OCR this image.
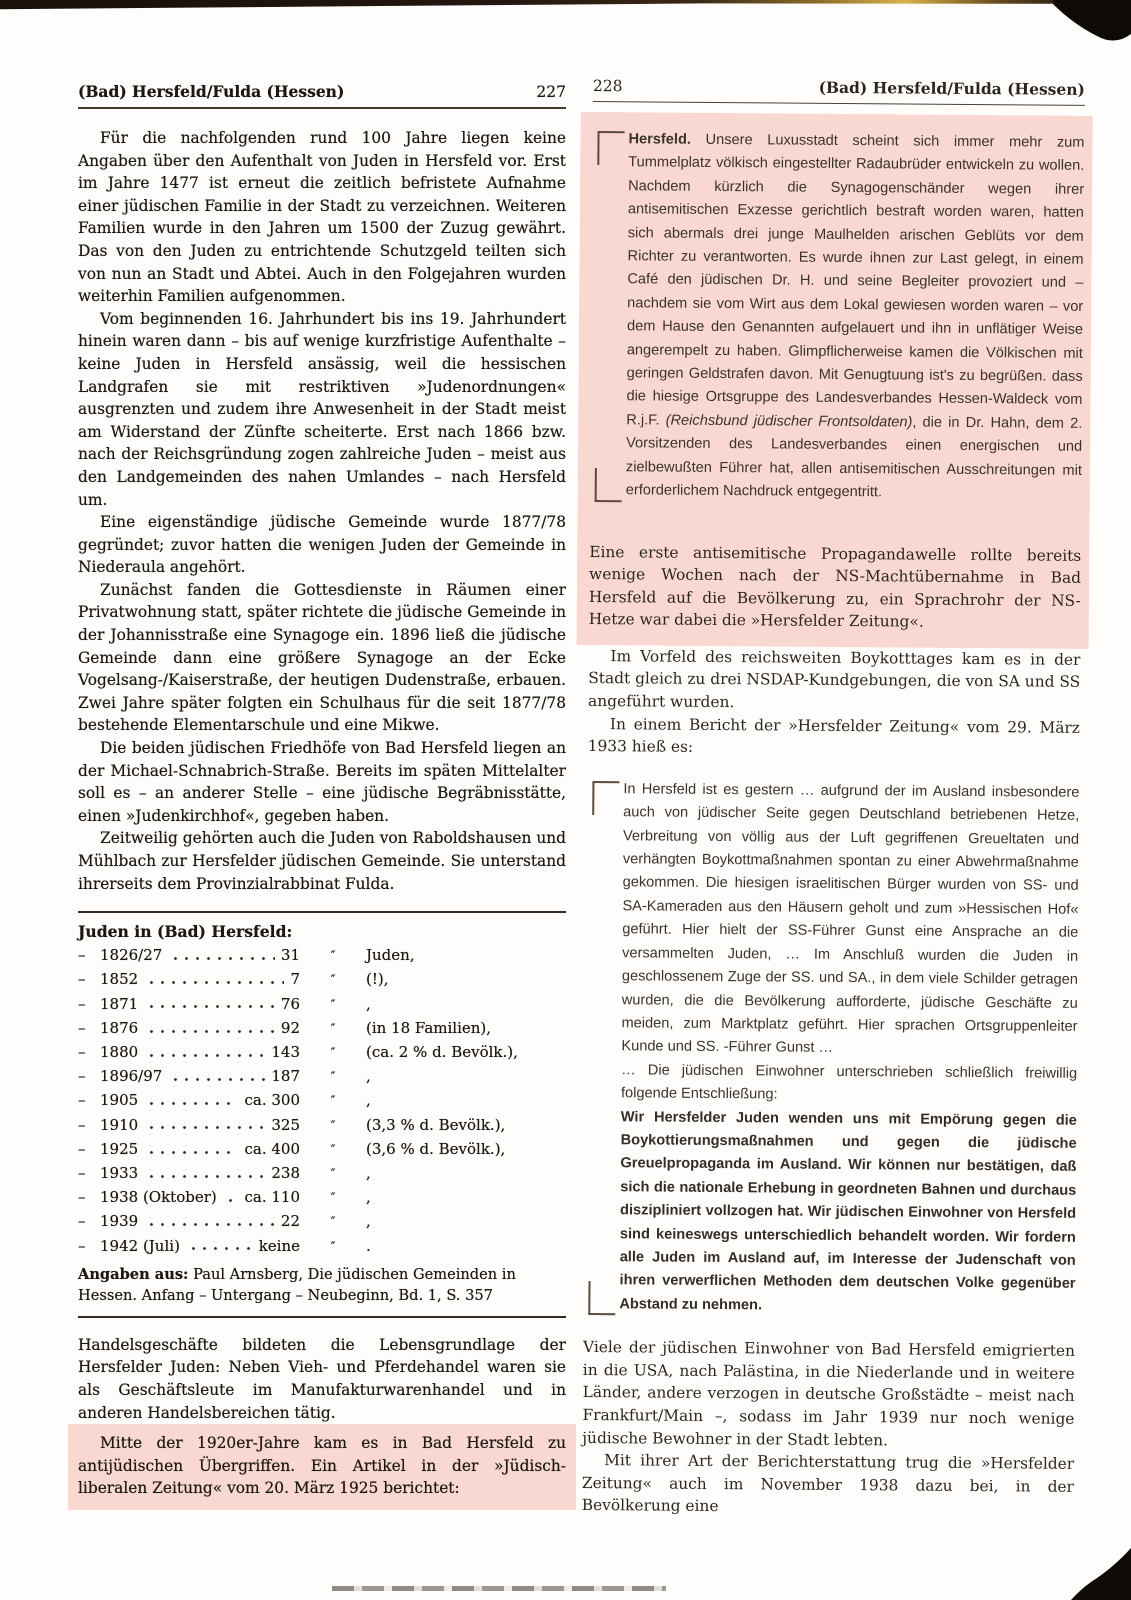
(Bad) Hersfeld/Fulda (Hessen)	227

Für die nachfolgenden rund 100 Jahre liegen keine Angaben über den Aufenthalt von Juden in Hersfeld vor. Erst im Jahre 1477 ist erneut die zeitlich befristete Aufnahme einer jüdischen Familie in der Stadt zu verzeichnen. Weiteren Familien wurde in den Jahren um 1500 der Zuzug gewährt. Das von den Juden zu entrichtende Schutzgeld teilten sich von nun an Stadt und Abtei. Auch in den Folgejahren wurden weiterhin Familien aufgenommen.

Vom beginnenden 16. Jahrhundert bis ins 19. Jahrhundert hinein waren dann – bis auf wenige kurzfristige Aufenthalte – keine Juden in Hersfeld ansässig, weil die hessischen Landgrafen sie mit restriktiven »Judenordnungen« ausgrenzten und zudem ihre Anwesenheit in der Stadt meist am Widerstand der Zünfte scheiterte. Erst nach 1866 bzw. nach der Reichsgründung zogen zahlreiche Juden – meist aus den Landgemeinden des nahen Umlandes – nach Hersfeld um.

Eine eigenständige jüdische Gemeinde wurde 1877/78 gegründet; zuvor hatten die wenigen Juden der Gemeinde in Niederaula angehört.

Zunächst fanden die Gottesdienste in Räumen einer Privatwohnung statt, später richtete die jüdische Gemeinde in der Johannisstraße eine Synagoge ein. 1896 ließ die jüdische Gemeinde dann eine größere Synagoge an der Ecke Vogelsang-/Kaiserstraße, der heutigen Dudenstraße, erbauen. Zwei Jahre später folgten ein Schulhaus für die seit 1877/78 bestehende Elementarschule und eine Mikwe.

Die beiden jüdischen Friedhöfe von Bad Hersfeld liegen an der Michael-Schnabrich-Straße. Bereits im späten Mittelalter soll es – an anderer Stelle – eine jüdische Begräbnisstätte, einen »Judenkirchhof«, gegeben haben.

Zeitweilig gehörten auch die Juden von Raboldshausen und Mühlbach zur Hersfelder jüdischen Gemeinde. Sie unterstand ihrerseits dem Provinzialrabbinat Fulda.

Juden in (Bad) Hersfeld:
– 1826/27	31	″	Juden,
– 1852	7	″	(!),
– 1871	76	″	,
– 1876	92	″	(in 18 Familien),
– 1880	143	″	(ca. 2 % d. Bevölk.),
– 1896/97	187	″	,
– 1905	ca. 300	″	,
– 1910	325	″	(3,3 % d. Bevölk.),
– 1925	ca. 400	″	(3,6 % d. Bevölk.),
– 1933	238	″	,
– 1938 (Oktober) ca. 110	″	,
– 1939	22	″	,
– 1942 (Juli)	keine	″	.
Angaben aus: Paul Arnsberg, Die jüdischen Gemeinden in Hessen. Anfang – Untergang – Neubeginn, Bd. 1, S. 357

Handelsgeschäfte bildeten die Lebensgrundlage der Hersfelder Juden: Neben Vieh- und Pferdehandel waren sie als Geschäftsleute im Manufakturwarenhandel und in anderen Handelsbereichen tätig.

Mitte der 1920er-Jahre kam es in Bad Hersfeld zu antijüdischen Übergriffen. Ein Artikel in der »Jüdisch-liberalen Zeitung« vom 20. März 1925 berichtet:

228	(Bad) Hersfeld/Fulda (Hessen)
Hersfeld. Unsere Luxusstadt scheint sich immer mehr zum Tummelplatz völkisch eingestellter Radaubrüder entwickeln zu wollen. Nachdem kürzlich die Synagogenschänder wegen ihrer antisemitischen Exzesse gerichtlich bestraft worden waren, hatten sich abermals drei junge Maulhelden arischen Geblüts vor dem Richter zu verantworten. Es wurde ihnen zur Last gelegt, in einem Café den jüdischen Dr. H. und seine Begleiter provoziert und – nachdem sie vom Wirt aus dem Lokal gewiesen worden waren – vor dem Hause den Genannten aufgelauert und ihn in unflätiger Weise angerempelt zu haben. Glimpflicherweise kamen die Völkischen mit geringen Geldstrafen davon. Mit Genugtuung ist's zu begrüßen. dass die hiesige Ortsgruppe des Landesverbandes Hessen-Waldeck vom R.j.F. (Reichsbund jüdischer Frontsoldaten), die in Dr. Hahn, dem 2. Vorsitzenden des Landesverbandes einen energischen und zielbewußten Führer hat, allen antisemitischen Ausschreitungen mit erforderlichem Nachdruck entgegentritt.

Eine erste antisemitische Propagandawelle rollte bereits wenige Wochen nach der NS-Machtübernahme in Bad Hersfeld auf die Bevölkerung zu, ein Sprachrohr der NS-Hetze war dabei die »Hersfelder Zeitung«.

Im Vorfeld des reichsweiten Boykotttages kam es in der Stadt gleich zu drei NSDAP-Kundgebungen, die von SA und SS angeführt wurden.

In einem Bericht der »Hersfelder Zeitung« vom 29. März 1933 hieß es:

In Hersfeld ist es gestern … aufgrund der im Ausland insbesondere auch von jüdischer Seite gegen Deutschland betriebenen Hetze, Verbreitung von völlig aus der Luft gegriffenen Greueltaten und verhängten Boykottmaßnahmen spontan zu einer Abwehrmaßnahme gekommen. Die hiesigen israelitischen Bürger wurden von SS- und SA-Kameraden aus den Häusern geholt und zum »Hessischen Hof« geführt. Hier hielt der SS-Führer Gunst eine Ansprache an die versammelten Juden, … Im Anschluß wurden die Juden in geschlossenem Zuge der SS. und SA., in dem viele Schilder getragen wurden, die die Bevölkerung aufforderte, jüdische Geschäfte zu meiden, zum Marktplatz geführt. Hier sprachen Ortsgruppenleiter Kunde und SS. -Führer Gunst …

… Die jüdischen Einwohner unterschrieben schließlich freiwillig folgende Entschließung:

Wir Hersfelder Juden wenden uns mit Empörung gegen die Boykottierungsmaßnahmen und gegen die jüdische Greuelpropaganda im Ausland. Wir können nur bestätigen, daß sich die nationale Erhebung in geordneten Bahnen und durchaus diszipliniert vollzogen hat. Wir jüdischen Einwohner von Hersfeld sind keineswegs unterschiedlich behandelt worden. Wir fordern alle Juden im Ausland auf, im Interesse der Judenschaft von ihren verwerflichen Methoden dem deutschen Volke gegenüber Abstand zu nehmen.

Viele der jüdischen Einwohner von Bad Hersfeld emigrierten in die USA, nach Palästina, in die Niederlande und in weitere Länder, andere verzogen in deutsche Großstädte – meist nach Frankfurt/Main –, sodass im Jahr 1939 nur noch wenige jüdische Bewohner in der Stadt lebten.

Mit ihrer Art der Berichterstattung trug die »Hersfelder Zeitung« auch im November 1938 dazu bei, in der Bevölkerung eine
